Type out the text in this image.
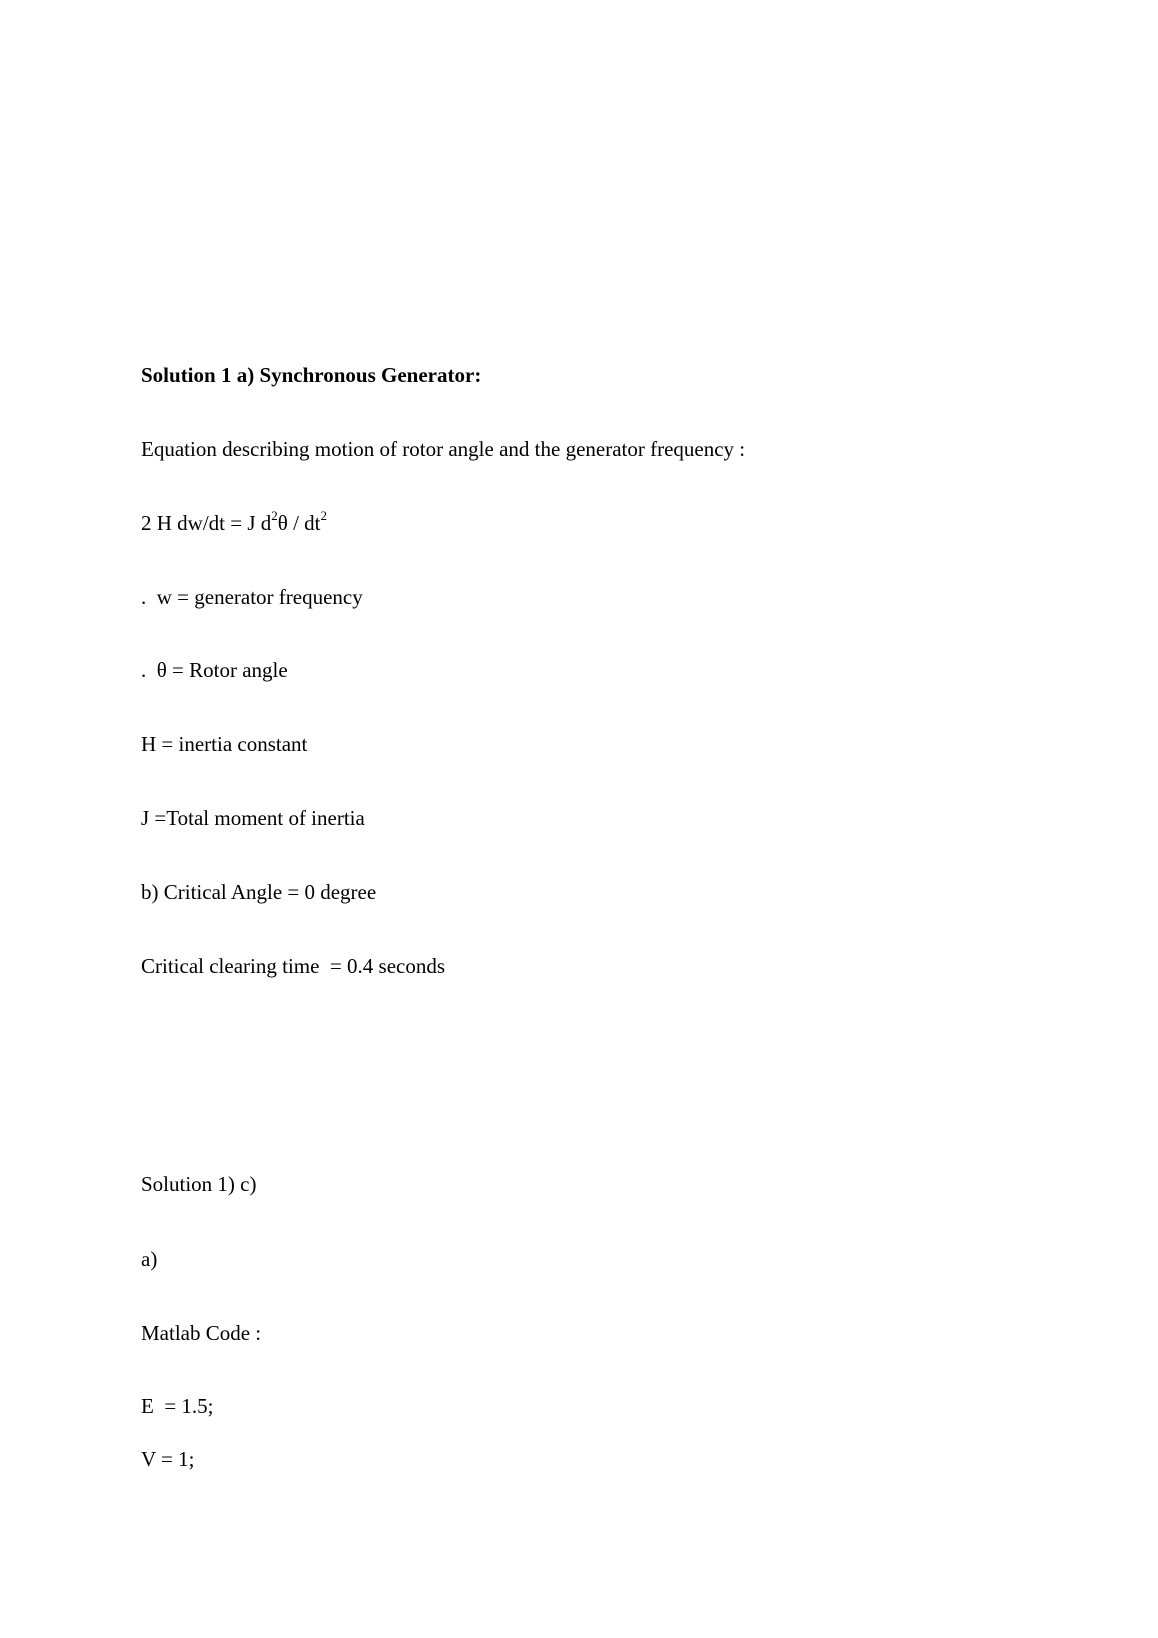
Solution 1 a) Synchronous Generator:
Equation describing motion of rotor angle and the generator frequency :
2 H dw/dt = J $d^2\theta / dt^2$
.  w = generator frequency
.  θ = Rotor angle
H = inertia constant
J =Total moment of inertia
b) Critical Angle = 0 degree
Critical clearing time  = 0.4 seconds
Solution 1) c)
a)
Matlab Code :
E  = 1.5;
V = 1;
